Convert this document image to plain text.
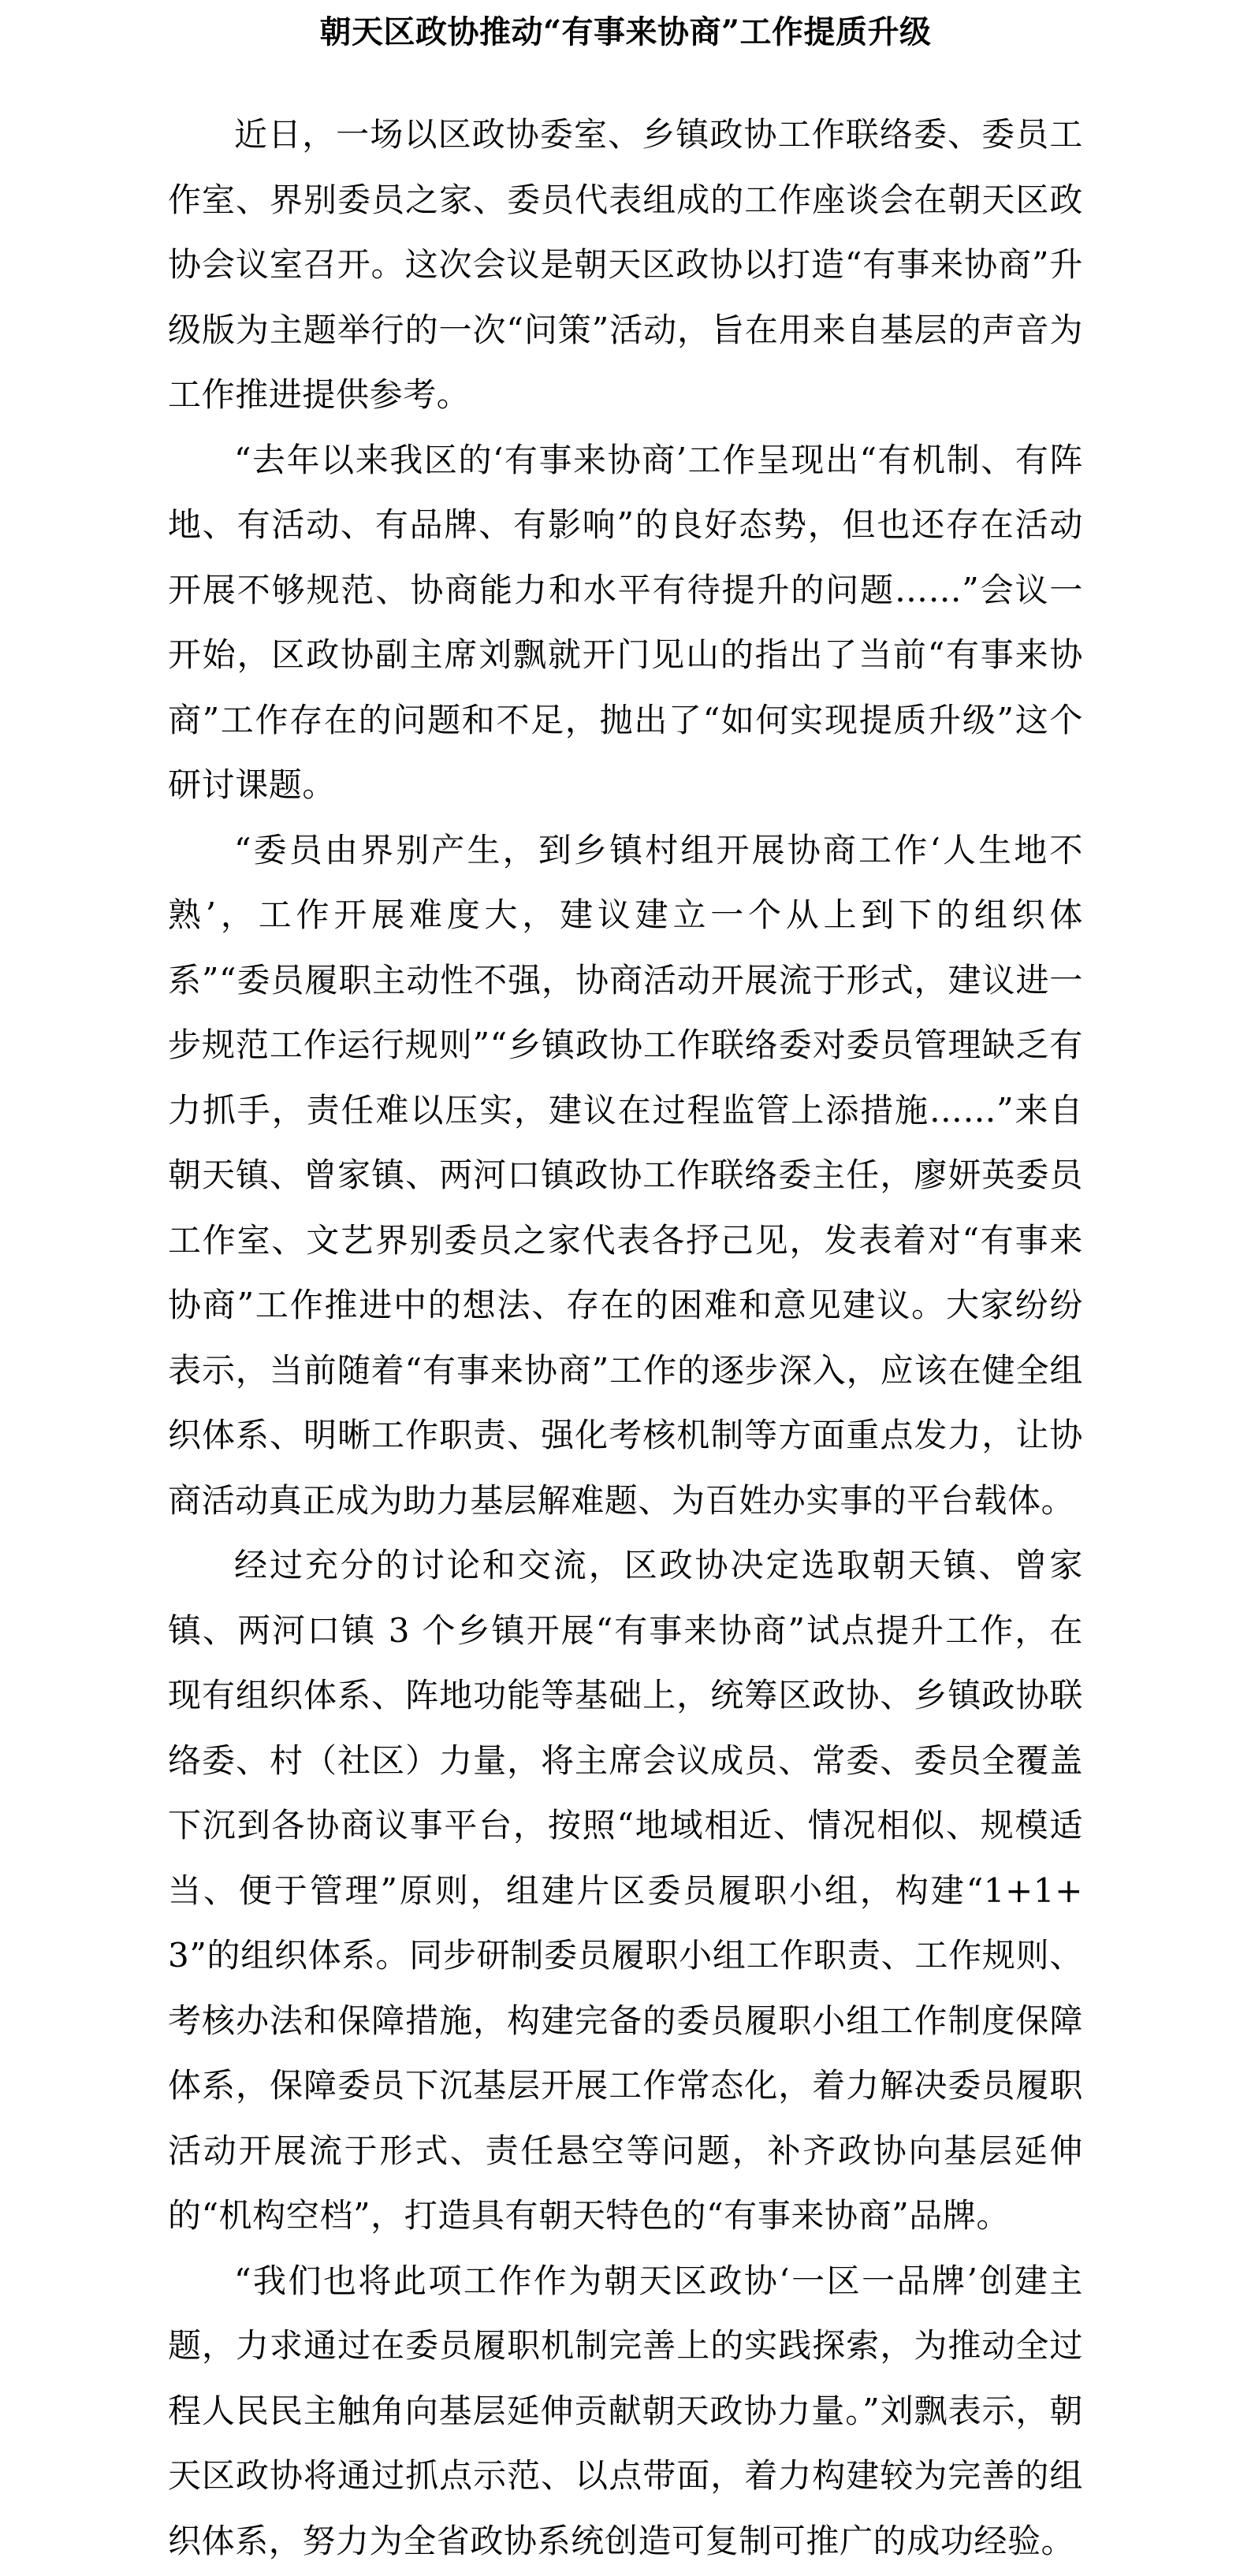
朝天区政协推动“有事来协商”工作提质升级

近日，一场以区政协委室、乡镇政协工作联络委、委员工作室、界别委员之家、委员代表组成的工作座谈会在朝天区政协会议室召开。这次会议是朝天区政协以打造“有事来协商”升级版为主题举行的一次“问策”活动，旨在用来自基层的声音为工作推进提供参考。

“去年以来我区的‘有事来协商’工作呈现出“有机制、有阵地、有活动、有品牌、有影响”的良好态势，但也还存在活动开展不够规范、协商能力和水平有待提升的问题……”会议一开始，区政协副主席刘飘就开门见山的指出了当前“有事来协商”工作存在的问题和不足，抛出了“如何实现提质升级”这个研讨课题。

“委员由界别产生，到乡镇村组开展协商工作‘人生地不熟’，工作开展难度大，建议建立一个从上到下的组织体系”“委员履职主动性不强，协商活动开展流于形式，建议进一步规范工作运行规则”“乡镇政协工作联络委对委员管理缺乏有力抓手，责任难以压实，建议在过程监管上添措施……”来自朝天镇、曾家镇、两河口镇政协工作联络委主任，廖妍英委员工作室、文艺界别委员之家代表各抒己见，发表着对“有事来协商”工作推进中的想法、存在的困难和意见建议。大家纷纷表示，当前随着“有事来协商”工作的逐步深入，应该在健全组织体系、明晰工作职责、强化考核机制等方面重点发力，让协商活动真正成为助力基层解难题、为百姓办实事的平台载体。

经过充分的讨论和交流，区政协决定选取朝天镇、曾家镇、两河口镇 3 个乡镇开展“有事来协商”试点提升工作，在现有组织体系、阵地功能等基础上，统筹区政协、乡镇政协联络委、村（社区）力量，将主席会议成员、常委、委员全覆盖下沉到各协商议事平台，按照“地域相近、情况相似、规模适当、便于管理”原则，组建片区委员履职小组，构建“1+1+3”的组织体系。同步研制委员履职小组工作职责、工作规则、考核办法和保障措施，构建完备的委员履职小组工作制度保障体系，保障委员下沉基层开展工作常态化，着力解决委员履职活动开展流于形式、责任悬空等问题，补齐政协向基层延伸的“机构空档”，打造具有朝天特色的“有事来协商”品牌。

“我们也将此项工作作为朝天区政协‘一区一品牌’创建主题，力求通过在委员履职机制完善上的实践探索，为推动全过程人民民主触角向基层延伸贡献朝天政协力量。”刘飘表示，朝天区政协将通过抓点示范、以点带面，着力构建较为完善的组织体系，努力为全省政协系统创造可复制可推广的成功经验。
